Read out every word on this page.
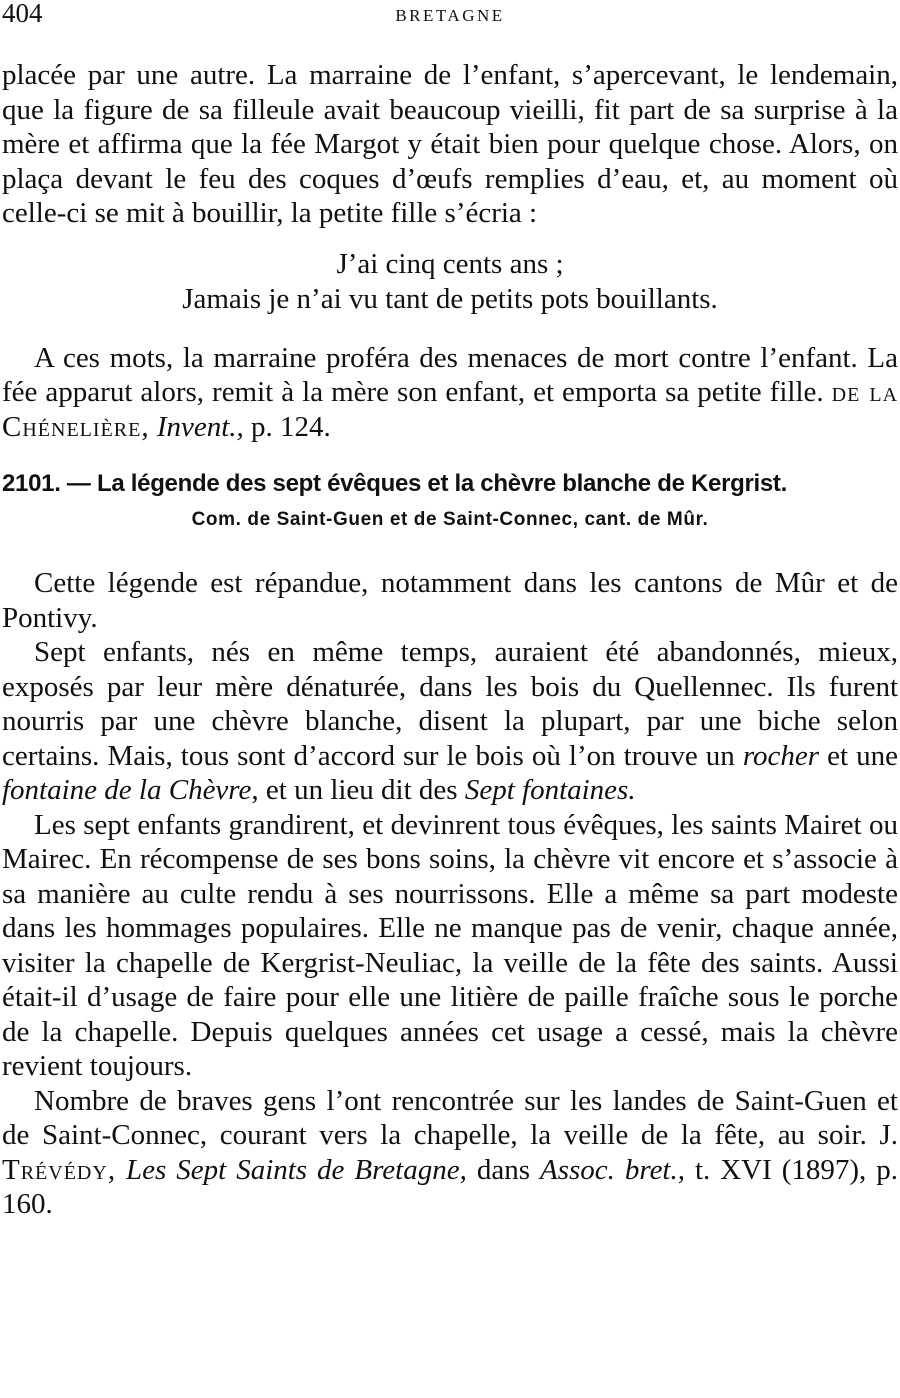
404	BRETAGNE

placée par une autre. La marraine de l’enfant, s’apercevant, le lendemain, que la figure de sa filleule avait beaucoup vieilli, fit part de sa surprise à la mère et affirma que la fée Margot y était bien pour quelque chose. Alors, on plaça devant le feu des coques d’œufs remplies d’eau, et, au moment où celle-ci se mit à bouillir, la petite fille s’écria :

J’ai cinq cents ans ;
Jamais je n’ai vu tant de petits pots bouillants.

A ces mots, la marraine proféra des menaces de mort contre l’enfant. La fée apparut alors, remit à la mère son enfant, et emporta sa petite fille. de la Chénelière, Invent., p. 124.

2101. — La légende des sept évêques et la chèvre blanche de Kergrist.
Com. de Saint-Guen et de Saint-Connec, cant. de Mûr.

Cette légende est répandue, notamment dans les cantons de Mûr et de Pontivy.

Sept enfants, nés en même temps, auraient été abandonnés, mieux, exposés par leur mère dénaturée, dans les bois du Quellennec. Ils furent nourris par une chèvre blanche, disent la plupart, par une biche selon certains. Mais, tous sont d’accord sur le bois où l’on trouve un rocher et une fontaine de la Chèvre, et un lieu dit des Sept fontaines.

Les sept enfants grandirent, et devinrent tous évêques, les saints Mairet ou Mairec. En récompense de ses bons soins, la chèvre vit encore et s’associe à sa manière au culte rendu à ses nourrissons. Elle a même sa part modeste dans les hommages populaires. Elle ne manque pas de venir, chaque année, visiter la chapelle de Kergrist-Neuliac, la veille de la fête des saints. Aussi était-il d’usage de faire pour elle une litière de paille fraîche sous le porche de la chapelle. Depuis quelques années cet usage a cessé, mais la chèvre revient toujours.

Nombre de braves gens l’ont rencontrée sur les landes de Saint-Guen et de Saint-Connec, courant vers la chapelle, la veille de la fête, au soir. J. Trévédy, Les Sept Saints de Bretagne, dans Assoc. bret., t. XVI (1897), p. 160.
